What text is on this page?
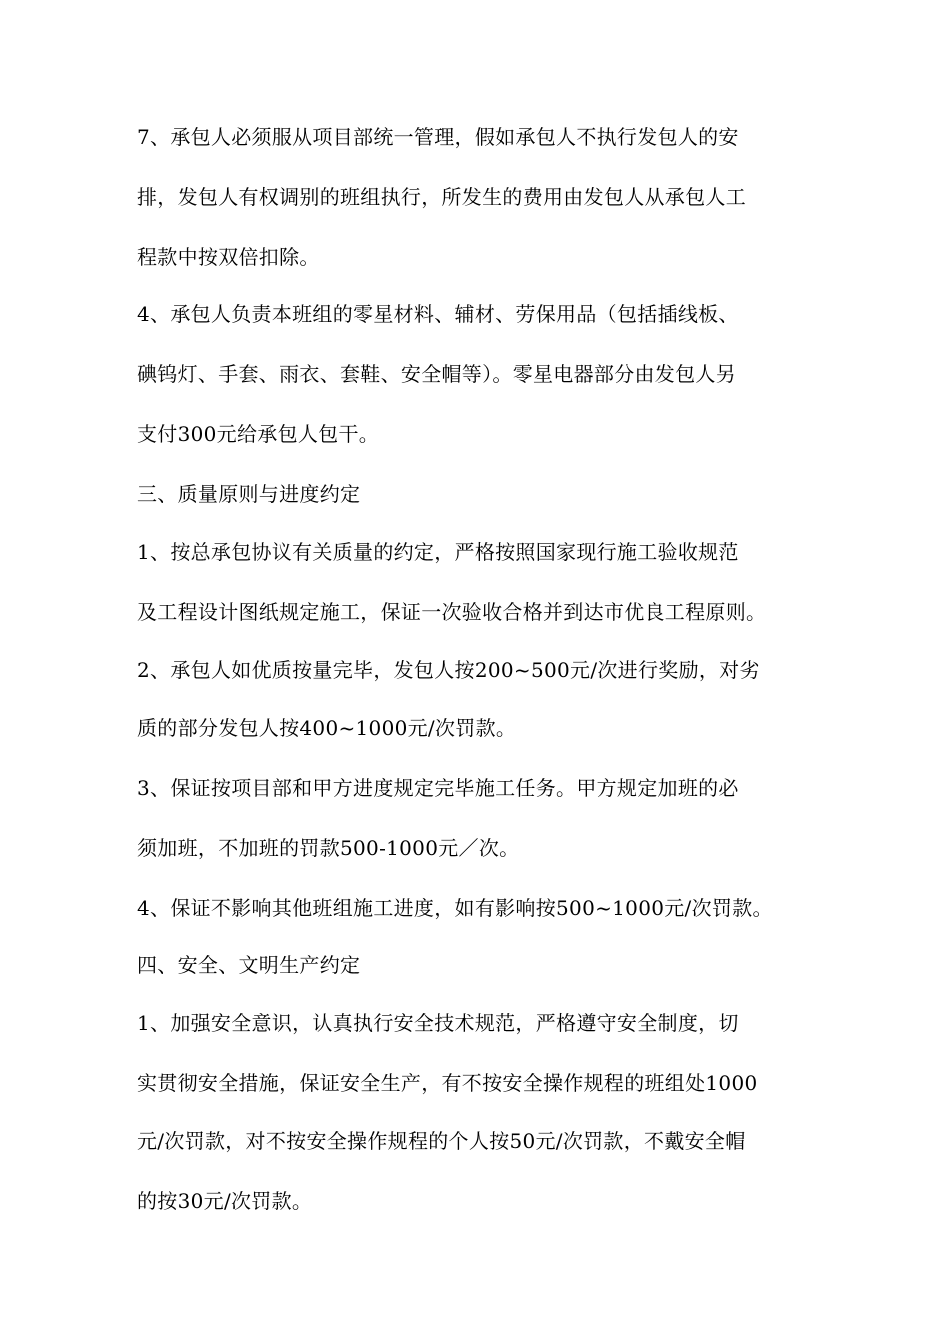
7、承包人必须服从项目部统一管理，假如承包人不执行发包人的安
排，发包人有权调别的班组执行，所发生的费用由发包人从承包人工
程款中按双倍扣除。
4、承包人负责本班组的零星材料、辅材、劳保用品（包括插线板、
碘钨灯、手套、雨衣、套鞋、安全帽等）。零星电器部分由发包人另
支付300元给承包人包干。
三、质量原则与进度约定
1、按总承包协议有关质量的约定，严格按照国家现行施工验收规范
及工程设计图纸规定施工，保证一次验收合格并到达市优良工程原则。
2、承包人如优质按量完毕，发包人按200~500元/次进行奖励，对劣
质的部分发包人按400~1000元/次罚款。
3、保证按项目部和甲方进度规定完毕施工任务。甲方规定加班的必
须加班，不加班的罚款500-1000元／次。
4、保证不影响其他班组施工进度，如有影响按500~1000元/次罚款。
四、安全、文明生产约定
1、加强安全意识，认真执行安全技术规范，严格遵守安全制度，切
实贯彻安全措施，保证安全生产，有不按安全操作规程的班组处1000
元/次罚款，对不按安全操作规程的个人按50元/次罚款，不戴安全帽
的按30元/次罚款。
